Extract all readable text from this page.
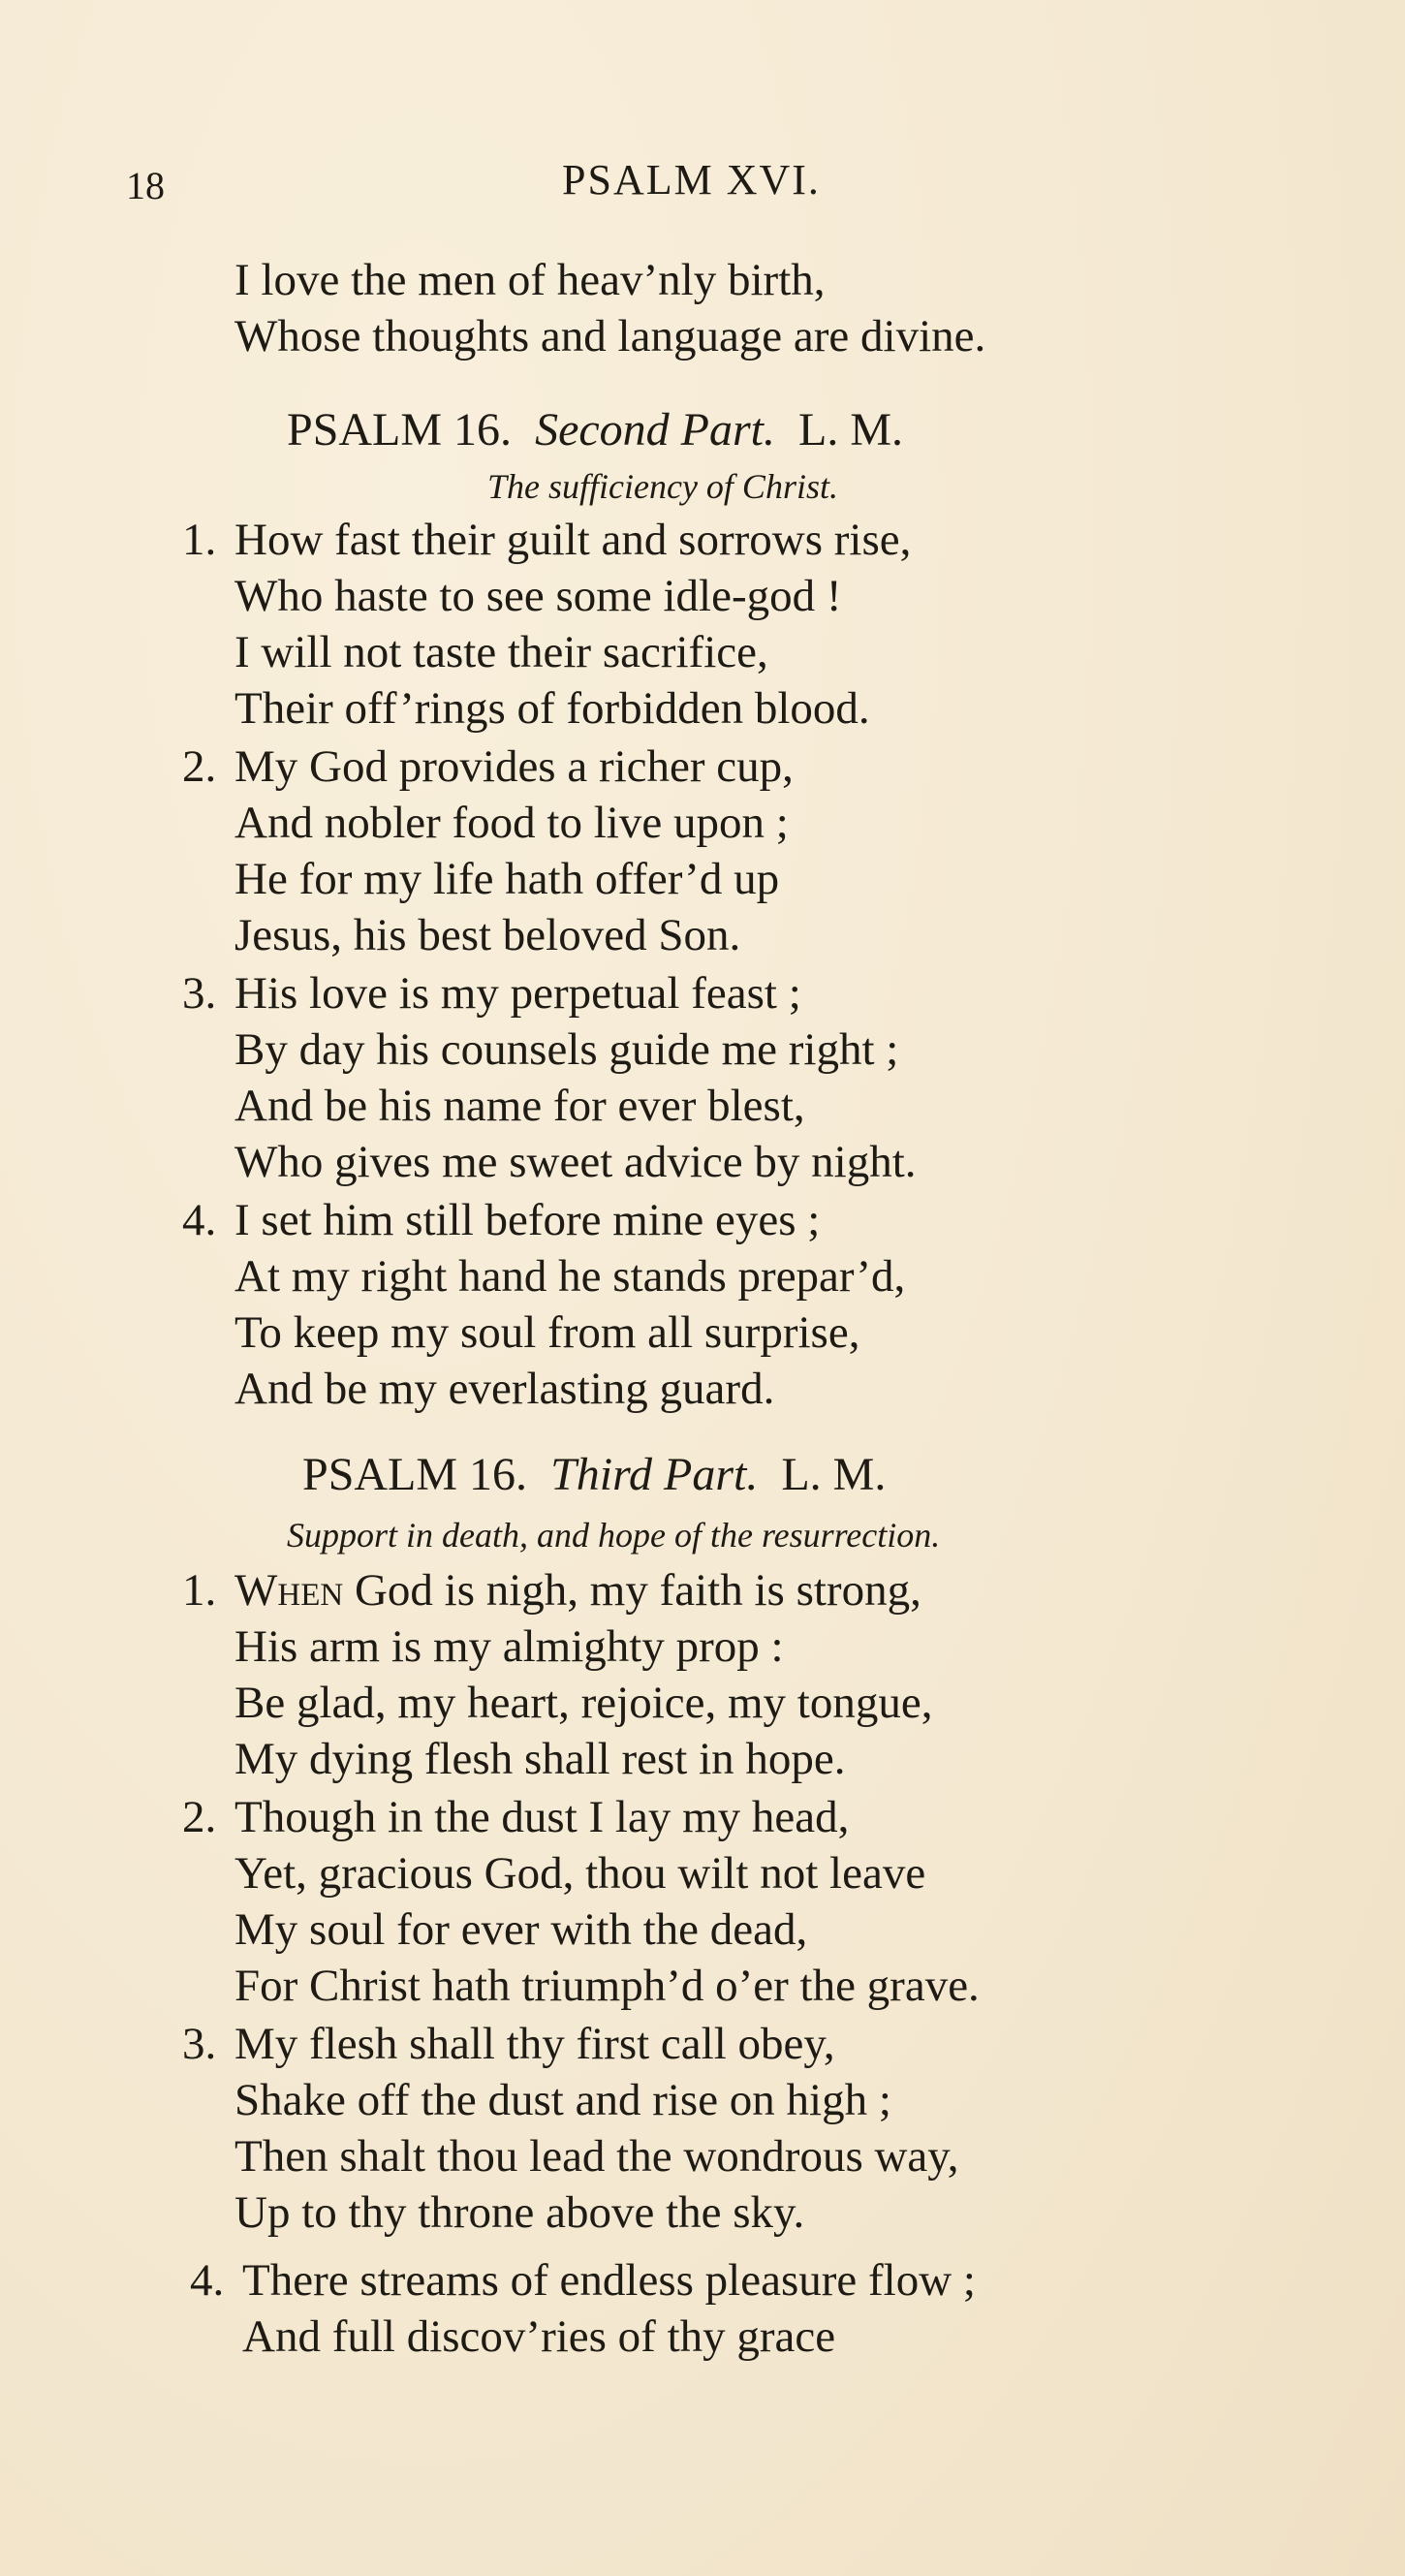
18	PSALM XVI.
I love the men of heav’nly birth,
Whose thoughts and language are divine.
PSALM 16. Second Part. L. M.
The sufficiency of Christ.
1. How fast their guilt and sorrows rise,
Who haste to see some idle-god !
I will not taste their sacrifice,
Their off’rings of forbidden blood.
2. My God provides a richer cup,
And nobler food to live upon ;
He for my life hath offer’d up
Jesus, his best beloved Son.
3. His love is my perpetual feast ;
By day his counsels guide me right ;
And be his name for ever blest,
Who gives me sweet advice by night.
4. I set him still before mine eyes ;
At my right hand he stands prepar’d,
To keep my soul from all surprise,
And be my everlasting guard.
PSALM 16. Third Part. L. M.
Support in death, and hope of the resurrection.
1. When God is nigh, my faith is strong,
His arm is my almighty prop :
Be glad, my heart, rejoice, my tongue,
My dying flesh shall rest in hope.
2. Though in the dust I lay my head,
Yet, gracious God, thou wilt not leave
My soul for ever with the dead,
For Christ hath triumph’d o’er the grave.
3. My flesh shall thy first call obey,
Shake off the dust and rise on high ;
Then shalt thou lead the wondrous way,
Up to thy throne above the sky.
4. There streams of endless pleasure flow ;
And full discov’ries of thy grace
